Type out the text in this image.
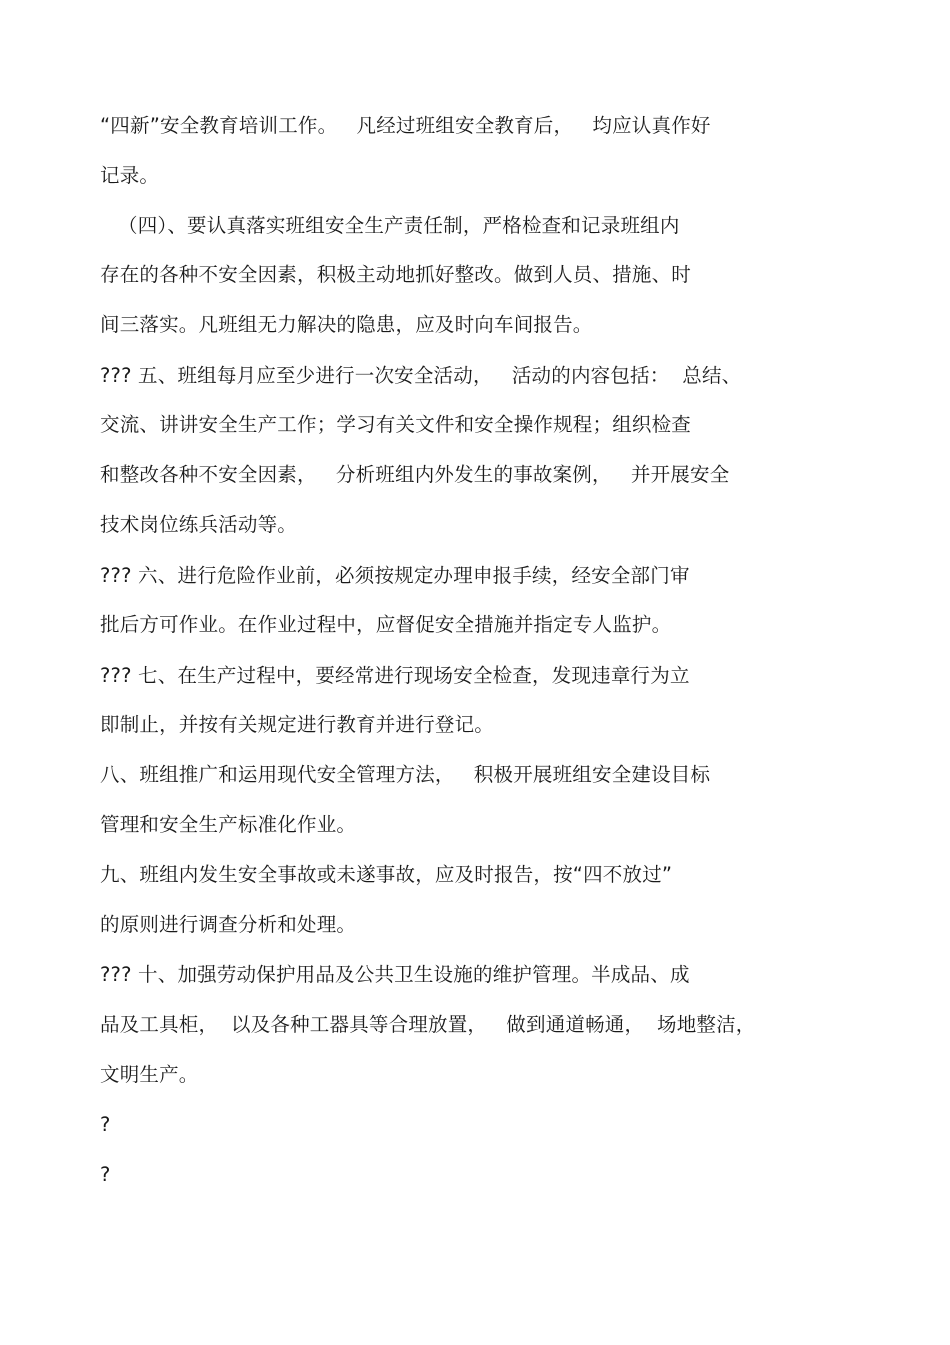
“四新”安全教育培训工作。   凡经过班组安全教育后，   均应认真作好
记录。
（四）、要认真落实班组安全生产责任制，严格检查和记录班组内
存在的各种不安全因素，积极主动地抓好整改。做到人员、措施、时
间三落实。凡班组无力解决的隐患，应及时向车间报告。
??? 五、班组每月应至少进行一次安全活动，   活动的内容包括：  总结、
交流、讲讲安全生产工作；学习有关文件和安全操作规程；组织检查
和整改各种不安全因素，   分析班组内外发生的事故案例，   并开展安全
技术岗位练兵活动等。
??? 六、进行危险作业前，必须按规定办理申报手续，经安全部门审
批后方可作业。在作业过程中，应督促安全措施并指定专人监护。
??? 七、在生产过程中，要经常进行现场安全检查，发现违章行为立
即制止，并按有关规定进行教育并进行登记。
八、班组推广和运用现代安全管理方法，   积极开展班组安全建设目标
管理和安全生产标准化作业。
九、班组内发生安全事故或未遂事故，应及时报告，按“四不放过”
的原则进行调查分析和处理。
??? 十、加强劳动保护用品及公共卫生设施的维护管理。半成品、成
品及工具柜，  以及各种工器具等合理放置，   做到通道畅通，  场地整洁，
文明生产。
?
?
